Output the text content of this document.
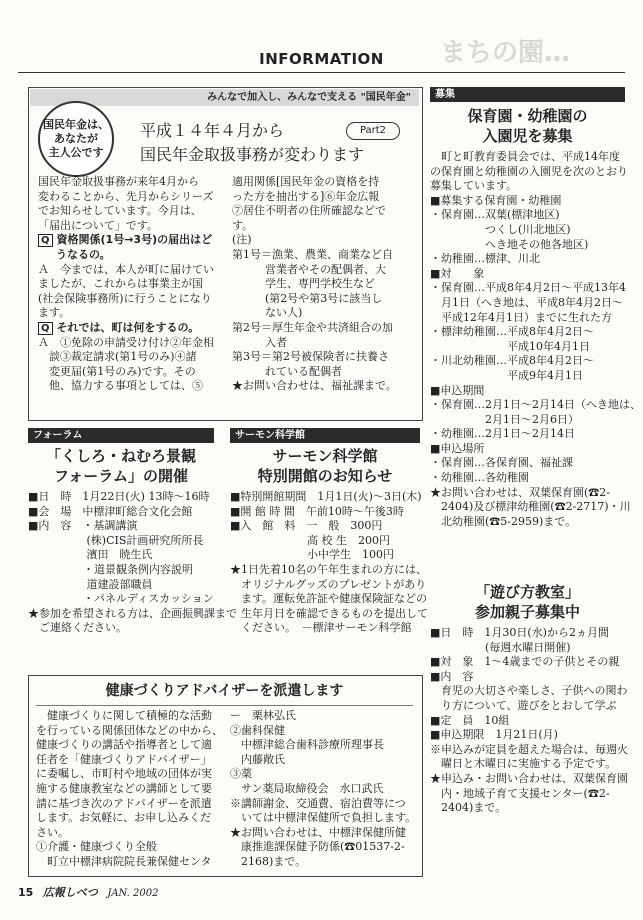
まちの園…
INFORMATION
みんなで加入し、みんなで支える "国民年金"
国民年金は、
あなたが
主人公です
平成１４年４月から	Part2
国民年金取扱事務が変わります

国民年金取扱事務が来年4月から

変わることから、先月からシリーズ

でお知らせしています。今月は、

「届出について」です。

Q 資格関係(1号→3号)の届出はど

うなるの。

Ａ　今までは、本人が町に届けてい

ましたが、これからは事業主が国

(社会保険事務所)に行うことになり

ます。

Q それでは、町は何をするの。

Ａ　①免除の申請受け付け②年金相

　談③裁定請求(第1号のみ)④諸

　変更届(第1号のみ)です。その

　他、協力する事項としては、⑤

適用関係[国民年金の資格を持

った方を抽出する]⑥年金広報

⑦居住不明者の住所確認などで

す。

(注)

第1号＝漁業、農業、商業など自

　　　営業者やその配偶者、大

　　　学生、専門学校生など

　　　(第2号や第3号に該当し

　　　ない人)

第2号＝厚生年金や共済組合の加

　　　入者

第3号＝第2号被保険者に扶養さ

　　　れている配偶者

★お問い合わせは、福祉課まで。

フォーラム
「くしろ・ねむろ景観
フォーラム」の開催

■日　時　1月22日(火) 13時～16時

■会　場　中標津町総合文化会館

■内　容　・基調講演

　　　　　 (株)CIS計画研究所所長

　　　　　 濱田　暁生氏

　　　　　・道景観条例内容説明

　　　　　 道建設部職員

　　　　　・パネルディスカッション

★参加を希望される方は、企画振興課まで

　ご連絡ください。

サーモン科学館
サーモン科学館
特別開館のお知らせ

■特別開館期間　1月1日(火)～3日(木)

■開 館 時 間　午前10時～午後3時

■入　館　料　一　般　300円

　　　　　　　高 校 生　200円

　　　　　　　小中学生　100円

★1日先着10名の午年生まれの方には、

　オリジナルグッズのプレゼントがあり

　ます。運転免許証や健康保険証などの

　生年月日を確認できるものを提出して

　ください。　－標津サーモン科学館

健康づくりアドバイザーを派遣します

　健康づくりに関して積極的な活動

を行っている関係団体などの中から、

健康づくりの講話や指導者として適

任者を「健康づくりアドバイザー」

に委嘱し、市町村や地域の団体が実

施する健康教室などの講師として要

請に基づき次のアドバイザーを派遣

します。お気軽に、お申し込みくだ

さい。

①介護・健康づくり全般

　町立中標津病院院長兼保健センタ

ー　栗林弘氏

②歯科保健

　中標津総合歯科診療所理事長

　内藤敞氏

③薬

　サン薬局取締役会　水口武氏

※講師謝金、交通費、宿泊費等につ

　いては中標津保健所で負担します。

★お問い合わせは、中標津保健所健

　康推進課保健予防係(☎01537-2-

　2168)まで。

募集
保育園・幼稚園の
入園児を募集

　町と町教育委員会では、平成14年度

の保育園と幼稚園の入園児を次のとおり

募集しています。

■募集する保育園・幼稚園

・保育園…双葉(標津地区)

　　　　　つくし(川北地区)

　　　　　へき地その他各地区)

・幼稚園…標津、川北

■対　　象

・保育園…平成8年4月2日～平成13年4

　月1日（へき地は、平成8年4月2日～

　平成12年4月1日）までに生れた方

・標津幼稚園…平成8年4月2日～

　　　　　　　平成10年4月1日

・川北幼稚園…平成8年4月2日～

　　　　　　　平成9年4月1日

■申込期間

・保育園…2月1日～2月14日（へき地は、

　　　　　2月1日～2月6日）

・幼稚園…2月1日～2月14日

■申込場所

・保育園…各保育園、福祉課

・幼稚園…各幼稚園

★お問い合わせは、双葉保育園(☎2-

　2404)及び標津幼稚園(☎2-2717)・川

　北幼稚園(☎5-2959)まで。

「遊び方教室」
参加親子募集中

■日　時　1月30日(水)から2ヵ月間

　　　　　(毎週水曜日開催)

■対　象　1～4歳までの子供とその親

■内　容

　育児の大切さや楽しさ、子供への関わ

　り方について、遊びをとおして学ぶ

■定　員　10組

■申込期限　1月21日(月)

※申込みが定員を超えた場合は、毎週火

　曜日と木曜日に実施する予定です。

★申込み・お問い合わせは、双葉保育園

　内・地域子育て支援センター(☎2-

　2404)まで。

15 広報しべつ JAN. 2002
